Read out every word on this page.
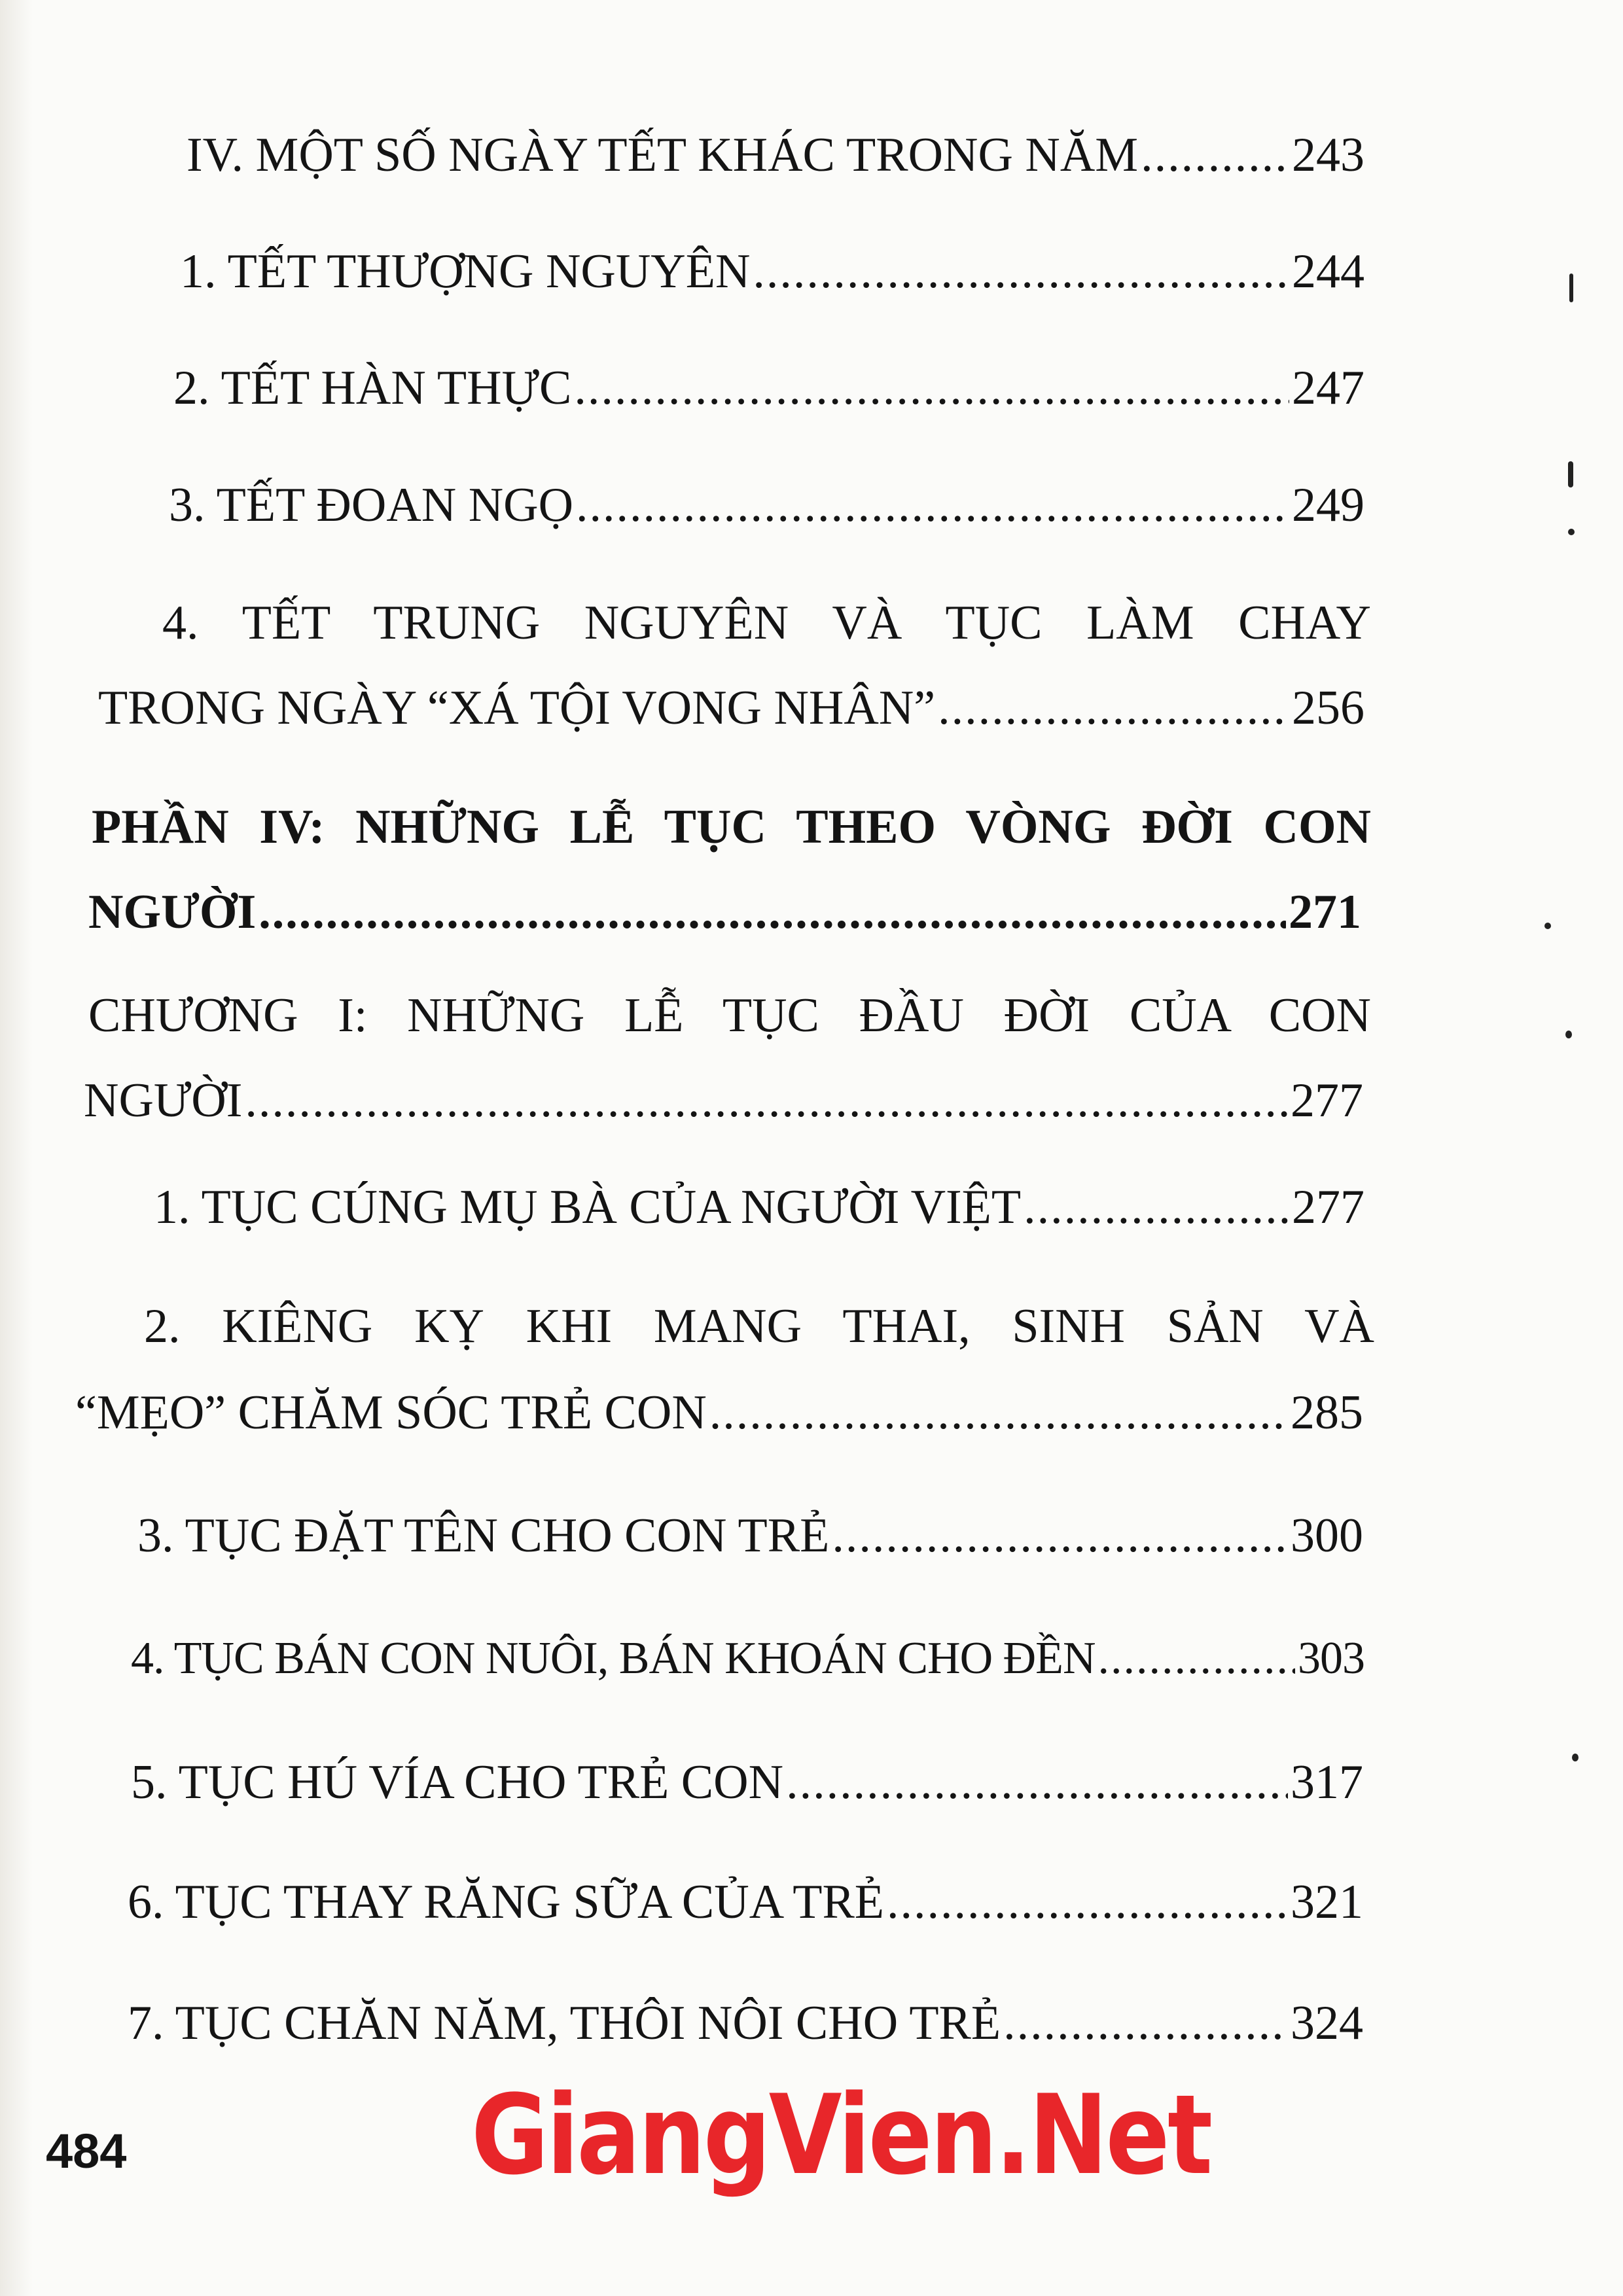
IV. MỘT SỐ NGÀY TẾT KHÁC TRONG NĂM .....	243
1. TẾT THƯỢNG NGUYÊN .....	244
2. TẾT HÀN THỰC .....	247
3. TẾT ĐOAN NGỌ .....	249
4. TẾT TRUNG NGUYÊN VÀ TỤC LÀM CHAY
TRONG NGÀY “XÁ TỘI VONG NHÂN” .....	256
PHẦN IV: NHỮNG LỄ TỤC THEO VÒNG ĐỜI CON
NGƯỜI .....	271
CHƯƠNG I: NHỮNG LỄ TỤC ĐẦU ĐỜI CỦA CON
NGƯỜI .....	277
1. TỤC CÚNG MỤ BÀ CỦA NGƯỜI VIỆT .....	277
2. KIÊNG KỴ KHI MANG THAI, SINH SẢN VÀ
“MẸO” CHĂM SÓC TRẺ CON .....	285
3. TỤC ĐẶT TÊN CHO CON TRẺ .....	300
4. TỤC BÁN CON NUÔI, BÁN KHOÁN CHO ĐỀN .....	303
5. TỤC HÚ VÍA CHO TRẺ CON .....	317
6. TỤC THAY RĂNG SỮA CỦA TRẺ .....	321
7. TỤC CHĂN NĂM, THÔI NÔI CHO TRẺ .....	324
484	GiangVien.Net
